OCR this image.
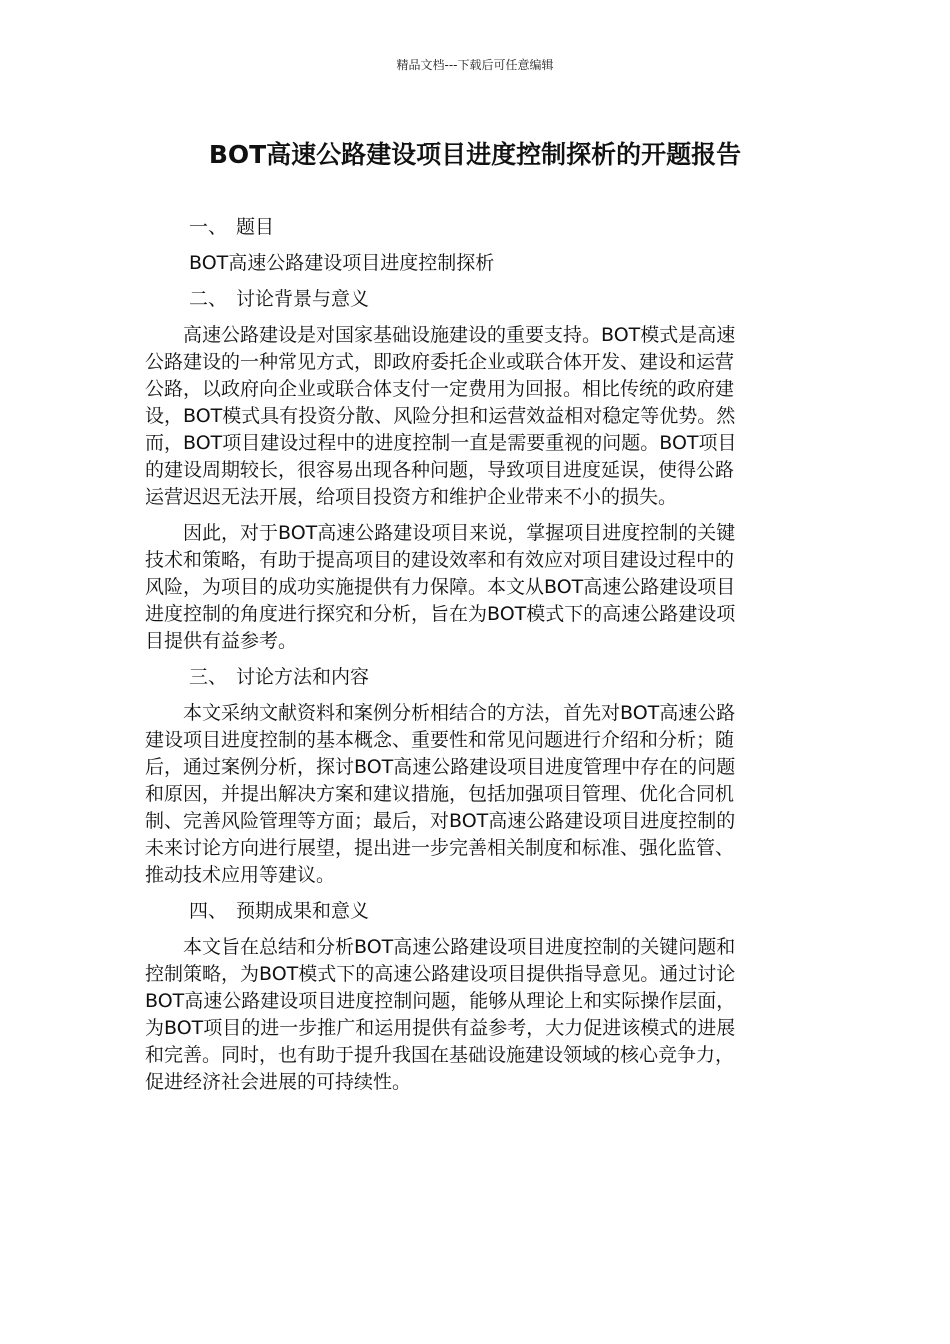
精品文档---下载后可任意编辑
BOT高速公路建设项目进度控制探析的开题报告

一、 题目

BOT高速公路建设项目进度控制探析

二、 讨论背景与意义

　　高速公路建设是对国家基础设施建设的重要支持。BOT模式是高速
公路建设的一种常见方式，即政府委托企业或联合体开发、建设和运营
公路，以政府向企业或联合体支付一定费用为回报。相比传统的政府建
设，BOT模式具有投资分散、风险分担和运营效益相对稳定等优势。然
而，BOT项目建设过程中的进度控制一直是需要重视的问题。BOT项目
的建设周期较长，很容易出现各种问题，导致项目进度延误，使得公路
运营迟迟无法开展，给项目投资方和维护企业带来不小的损失。
　　因此，对于BOT高速公路建设项目来说，掌握项目进度控制的关键
技术和策略，有助于提高项目的建设效率和有效应对项目建设过程中的
风险，为项目的成功实施提供有力保障。本文从BOT高速公路建设项目
进度控制的角度进行探究和分析，旨在为BOT模式下的高速公路建设项
目提供有益参考。

三、 讨论方法和内容

　　本文采纳文献资料和案例分析相结合的方法，首先对BOT高速公路
建设项目进度控制的基本概念、重要性和常见问题进行介绍和分析；随
后，通过案例分析，探讨BOT高速公路建设项目进度管理中存在的问题
和原因，并提出解决方案和建议措施，包括加强项目管理、优化合同机
制、完善风险管理等方面；最后，对BOT高速公路建设项目进度控制的
未来讨论方向进行展望，提出进一步完善相关制度和标准、强化监管、
推动技术应用等建议。

四、 预期成果和意义

　　本文旨在总结和分析BOT高速公路建设项目进度控制的关键问题和
控制策略，为BOT模式下的高速公路建设项目提供指导意见。通过讨论
BOT高速公路建设项目进度控制问题，能够从理论上和实际操作层面，
为BOT项目的进一步推广和运用提供有益参考，大力促进该模式的进展
和完善。同时，也有助于提升我国在基础设施建设领域的核心竞争力，
促进经济社会进展的可持续性。
